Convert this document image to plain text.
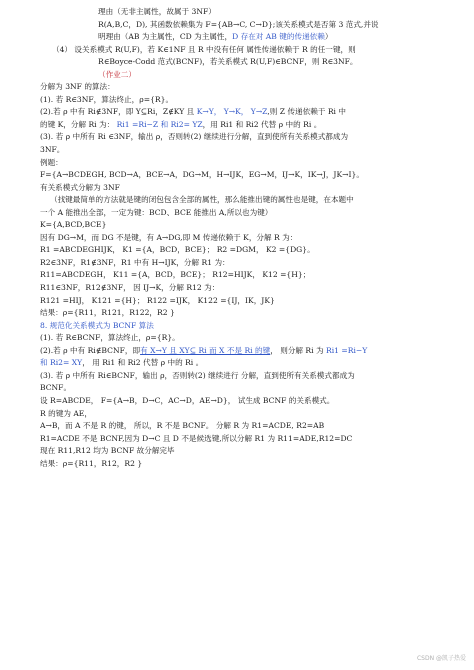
理由（无非主属性，故属于 3NF）
R(A,B,C，D), 其函数依赖集为 F={AB→C, C→D};该关系模式是否第 3 范式,并说
明理由（AB 为主属性，CD 为主属性，D 存在对 AB 键的传递依赖）
（4） 设关系模式 R(U,F)，若 K∈1NF 且 R 中没有任何 属性传递依赖于 R 的任一键，则
R∈Boyce-Codd 范式(BCNF)，若关系模式 R(U,F)∈BCNF，则 R∈3NF。
（作业二）
分解为 3NF 的算法：
(1). 若 R∈3NF，算法终止，ρ={R}。
(2).若 ρ 中有 Ri∉3NF，即 Y⊆Ri，Z∉KY 且 K→Y， Y→K， Y→Z,则 Z 传递依赖于 Ri 中
的键 K，分解 Ri 为： Ri1 =Ri−Z 和 Ri2= YZ，用 Ri1 和 Ri2 代替 ρ 中的 Ri 。
(3). 若 ρ 中所有 Ri ∈3NF，输出 ρ，否则转(2) 继续进行分解，直到使所有关系模式都成为
3NF。
例题：
F={A→BCDEGH, BCD→A，BCE→A，DG→M，H→IJK，EG→M，IJ→K，IK→J，JK→I}。
有关系模式分解为 3NF
（找键最简单的方法就是键的闭包包含全部的属性，那么能推出键的属性也是键，在本题中
一个 A 能推出全部，一定为键：BCD、BCE 能推出 A,所以也为键）
K={A,BCD,BCE}
因有 DG→M，而 DG 不是键，有 A→DG,即 M 传递依赖于 K，分解 R 为：
R1 =ABCDEGHIJK， K1 ={A，BCD，BCE}； R2 =DGM， K2 ={DG}。
R2∈3NF，R1∉3NF，R1 中有 H→IJK，分解 R1 为：
R11=ABCDEGH， K11 ={A，BCD，BCE}； R12=HIJK， K12 ={H}；
R11∈3NF，R12∉3NF， 因 IJ→K，分解 R12 为：
R121 =HIJ， K121 ={H}； R122 =IJK， K122 ={IJ，IK，JK}
结果：ρ={R11，R121，R122，R2 }
8. 规范化关系模式为 BCNF 算法
(1). 若 R∈BCNF，算法终止，ρ={R}。
(2).若 ρ 中有 Ri∉BCNF，即有 X→Y 且 XY⊆ Ri 而 X 不是 Ri 的键， 则分解 Ri 为 Ri1 =Ri−Y
和 Ri2= XY， 用 Ri1 和 Ri2 代替 ρ 中的 Ri 。
(3). 若 ρ 中所有 Ri∈BCNF，输出 ρ，否则转(2) 继续进行 分解，直到使所有关系模式都成为
BCNF。
设 R=ABCDE， F={A→B，D→C，AC→D，AE→D}， 试生成 BCNF 的关系模式。
R 的键为 AE，
A→B，而 A 不是 R 的键， 所以，R 不是 BCNF。 分解 R 为 R1=ACDE, R2=AB
R1=ACDE 不是 BCNF,因为 D→C 且 D 不是候选键,所以分解 R1 为 R11=ADE,R12=DC
现在 R11,R12 均为 BCNF 故分解完毕
结果：ρ={R11，R12，R2 }
CSDN @凯子热爱
